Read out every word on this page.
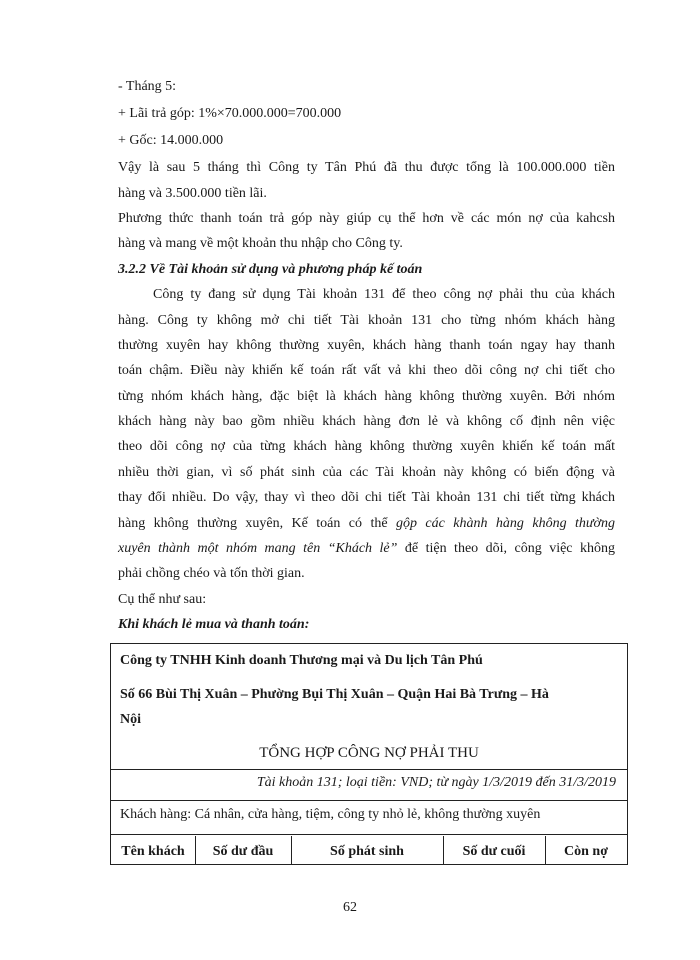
- Tháng 5:
+ Lãi trả góp: 1%×70.000.000=700.000
+ Gốc: 14.000.000
Vậy là sau 5 tháng thì Công ty Tân Phú đã thu được tổng là 100.000.000 tiền
hàng và 3.500.000 tiền lãi.
Phương thức thanh toán trả góp này giúp cụ thể hơn về các món nợ của kahcsh
hàng và mang về một khoản thu nhập cho Công ty.
3.2.2 Về Tài khoản sử dụng và phương pháp kế toán
Công ty đang sử dụng Tài khoản 131 để theo công nợ phải thu của khách
hàng. Công ty không mở chi tiết Tài khoản 131 cho từng nhóm khách hàng
thường xuyên hay không thường xuyên, khách hàng thanh toán ngay hay thanh
toán chậm. Điều này khiến kế toán rất vất vả khi theo dõi công nợ chi tiết cho
từng nhóm khách hàng, đặc biệt là khách hàng không thường xuyên. Bởi nhóm
khách hàng này bao gồm nhiều khách hàng đơn lẻ và không cố định nên việc
theo dõi công nợ của từng khách hàng không thường xuyên khiến kế toán mất
nhiều thời gian, vì số phát sinh của các Tài khoản này không có biến động và
thay đổi nhiều. Do vậy, thay vì theo dõi chi tiết Tài khoản 131 chi tiết từng khách
hàng không thường xuyên, Kế toán có thể gộp các khành hàng không thường
xuyên thành một nhóm mang tên “Khách lẻ” để tiện theo dõi, công việc không
phải chồng chéo và tốn thời gian.
Cụ thể như sau:
Khi khách lẻ mua và thanh toán:
Công ty TNHH Kinh doanh Thương mại và Du lịch Tân Phú
Số 66 Bùi Thị Xuân – Phường Bụi Thị Xuân – Quận Hai Bà Trưng – Hà
Nội
TỔNG HỢP CÔNG NỢ PHẢI THU
Tài khoản 131; loại tiền: VND; từ ngày 1/3/2019 đến 31/3/2019
Khách hàng: Cá nhân, cửa hàng, tiệm, công ty nhỏ lẻ, không thường xuyên
Tên khách	Số dư đầu	Số phát sinh	Số dư cuối	Còn nợ
62
